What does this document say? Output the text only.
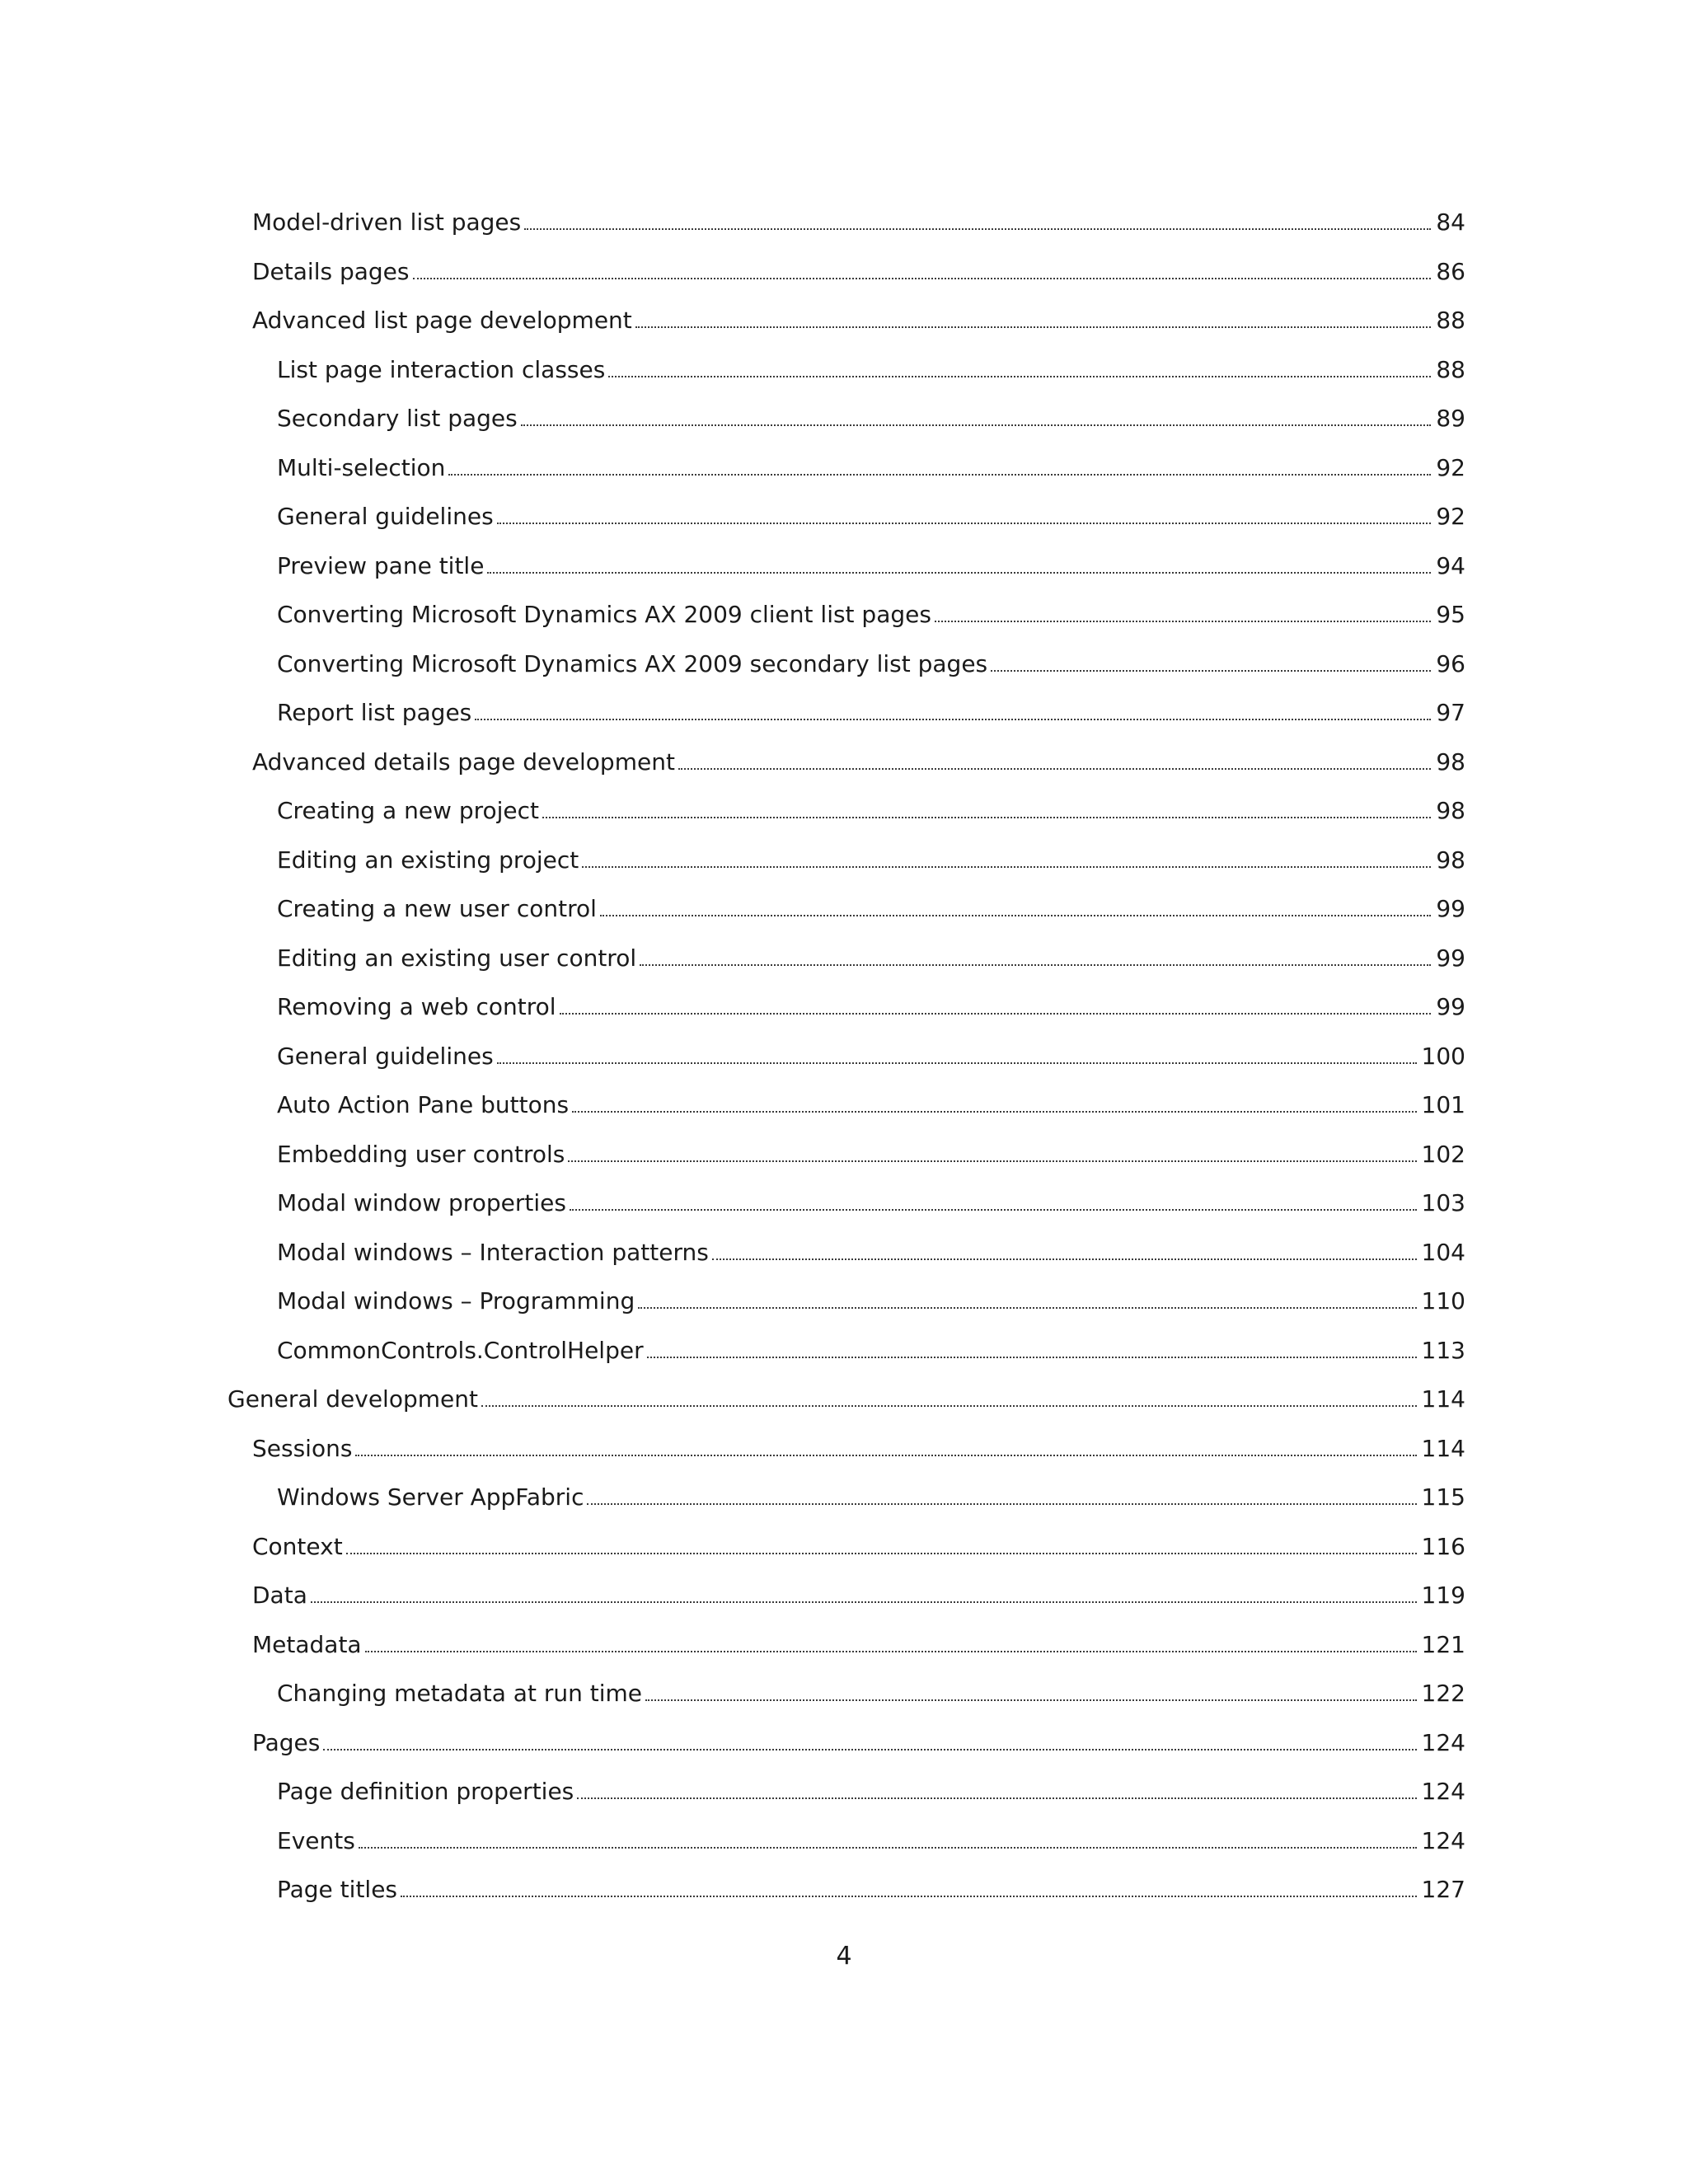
Model-driven list pages	84
Details pages	86
Advanced list page development	88
List page interaction classes	88
Secondary list pages	89
Multi-selection	92
General guidelines	92
Preview pane title	94
Converting Microsoft Dynamics AX 2009 client list pages	95
Converting Microsoft Dynamics AX 2009 secondary list pages	96
Report list pages	97
Advanced details page development	98
Creating a new project	98
Editing an existing project	98
Creating a new user control	99
Editing an existing user control	99
Removing a web control	99
General guidelines	100
Auto Action Pane buttons	101
Embedding user controls	102
Modal window properties	103
Modal windows – Interaction patterns	104
Modal windows – Programming	110
CommonControls.ControlHelper	113
General development	114
Sessions	114
Windows Server AppFabric	115
Context	116
Data	119
Metadata	121
Changing metadata at run time	122
Pages	124
Page definition properties	124
Events	124
Page titles	127
4
